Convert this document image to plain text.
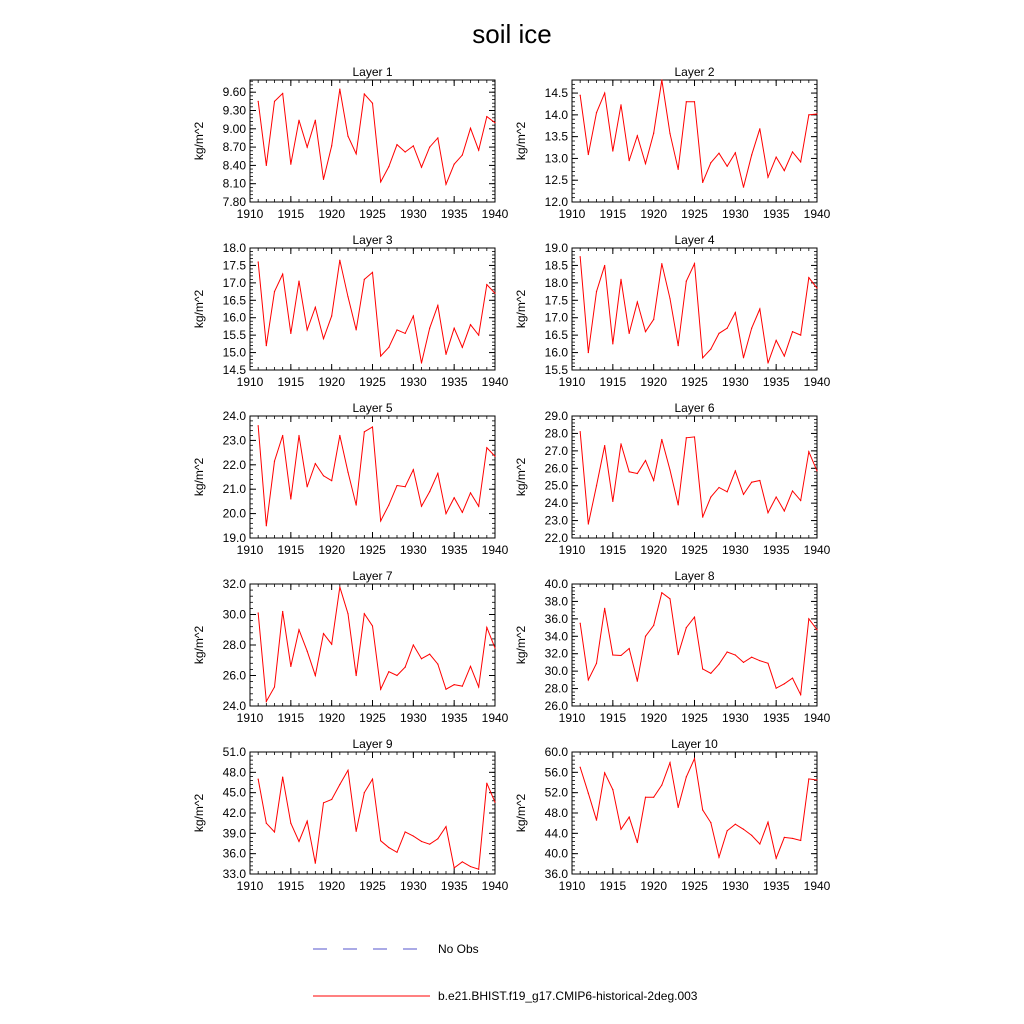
soil ice
Layer 1
kg/m^2
1910 1915 1920 1925 1930 1935 1940
7.80
8.10
8.40
8.70
9.00
9.30
9.60
Layer 2
kg/m^2
1910 1915 1920 1925 1930 1935 1940
12.0
12.5
13.0
13.5
14.0
14.5
Layer 3
kg/m^2
1910 1915 1920 1925 1930 1935 1940
14.5
15.0
15.5
16.0
16.5
17.0
17.5
18.0
Layer 4
kg/m^2
1910 1915 1920 1925 1930 1935 1940
15.5
16.0
16.5
17.0
17.5
18.0
18.5
19.0
Layer 5
kg/m^2
1910 1915 1920 1925 1930 1935 1940
19.0
20.0
21.0
22.0
23.0
24.0
Layer 6
kg/m^2
1910 1915 1920 1925 1930 1935 1940
22.0
23.0
24.0
25.0
26.0
27.0
28.0
29.0
Layer 7
kg/m^2
1910 1915 1920 1925 1930 1935 1940
24.0
26.0
28.0
30.0
32.0
Layer 8
kg/m^2
1910 1915 1920 1925 1930 1935 1940
26.0
28.0
30.0
32.0
34.0
36.0
38.0
40.0
Layer 9
kg/m^2
1910 1915 1920 1925 1930 1935 1940
33.0
36.0
39.0
42.0
45.0
48.0
51.0
Layer 10
kg/m^2
1910 1915 1920 1925 1930 1935 1940
36.0
40.0
44.0
48.0
52.0
56.0
60.0
No Obs
b.e21.BHIST.f19_g17.CMIP6-historical-2deg.003
